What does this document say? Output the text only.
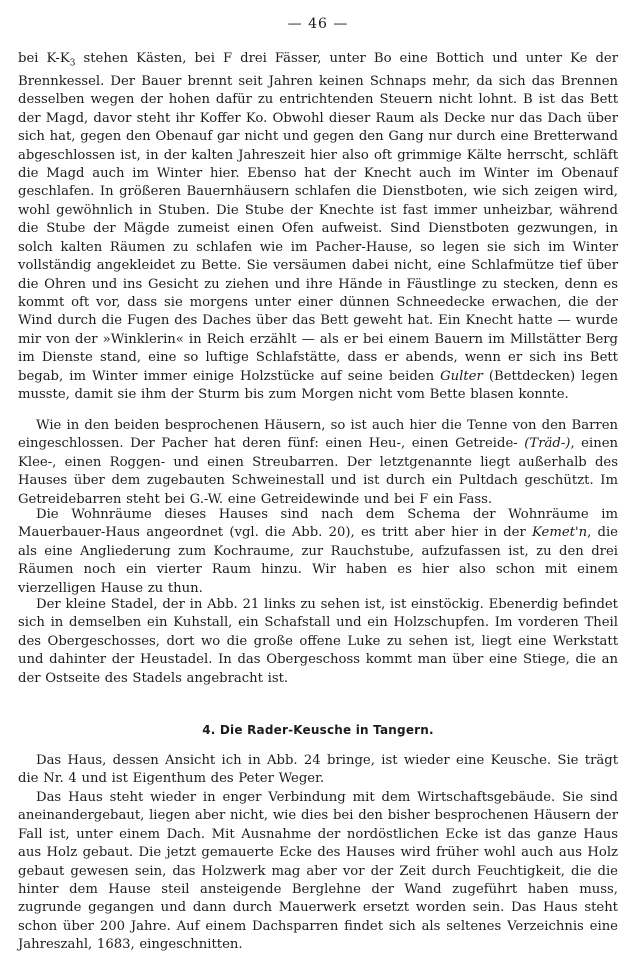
— 46 —

bei $K-K_3$ stehen Kästen, bei F drei Fässer, unter Bo eine Bottich und unter Ke der Brennkessel. Der Bauer brennt seit Jahren keinen Schnaps mehr, da sich das Brennen desselben wegen der hohen dafür zu entrichtenden Steuern nicht lohnt. B ist das Bett der Magd, davor steht ihr Koffer Ko. Obwohl dieser Raum als Decke nur das Dach über sich hat, gegen den Obenauf gar nicht und gegen den Gang nur durch eine Bretterwand abgeschlossen ist, in der kalten Jahreszeit hier also oft grimmige Kälte herrscht, schläft die Magd auch im Winter hier. Ebenso hat der Knecht auch im Winter im Obenauf geschlafen. In größeren Bauernhäusern schlafen die Dienstboten, wie sich zeigen wird, wohl gewöhnlich in Stuben. Die Stube der Knechte ist fast immer unheizbar, während die Stube der Mägde zumeist einen Ofen aufweist. Sind Dienstboten gezwungen, in solch kalten Räumen zu schlafen wie im Pacher-Hause, so legen sie sich im Winter vollständig angekleidet zu Bette. Sie versäumen dabei nicht, eine Schlafmütze tief über die Ohren und ins Gesicht zu ziehen und ihre Hände in Fäustlinge zu stecken, denn es kommt oft vor, dass sie morgens unter einer dünnen Schneedecke erwachen, die der Wind durch die Fugen des Daches über das Bett geweht hat. Ein Knecht hatte — wurde mir von der »Winklerin« in Reich erzählt — als er bei einem Bauern im Millstätter Berg im Dienste stand, eine so luftige Schlafstätte, dass er abends, wenn er sich ins Bett begab, im Winter immer einige Holzstücke auf seine beiden Gulter (Bettdecken) legen musste, damit sie ihm der Sturm bis zum Morgen nicht vom Bette blasen konnte.

Wie in den beiden besprochenen Häusern, so ist auch hier die Tenne von den Barren eingeschlossen. Der Pacher hat deren fünf: einen Heu-, einen Getreide- (Träd-), einen Klee-, einen Roggen- und einen Streubarren. Der letztgenannte liegt außerhalb des Hauses über dem zugebauten Schweinestall und ist durch ein Pultdach geschützt. Im Getreidebarren steht bei G.-W. eine Getreidewinde und bei F ein Fass.

Die Wohnräume dieses Hauses sind nach dem Schema der Wohnräume im Mauerbauer-Haus angeordnet (vgl. die Abb. 20), es tritt aber hier in der Kemet'n, die als eine Angliederung zum Kochraume, zur Rauchstube, aufzufassen ist, zu den drei Räumen noch ein vierter Raum hinzu. Wir haben es hier also schon mit einem vierzelligen Hause zu thun.

Der kleine Stadel, der in Abb. 21 links zu sehen ist, ist einstöckig. Ebenerdig befindet sich in demselben ein Kuhstall, ein Schafstall und ein Holzschupfen. Im vorderen Theil des Obergeschosses, dort wo die große offene Luke zu sehen ist, liegt eine Werkstatt und dahinter der Heustadel. In das Obergeschoss kommt man über eine Stiege, die an der Ostseite des Stadels angebracht ist.

4. Die Rader-Keusche in Tangern.

Das Haus, dessen Ansicht ich in Abb. 24 bringe, ist wieder eine Keusche. Sie trägt die Nr. 4 und ist Eigenthum des Peter Weger.

Das Haus steht wieder in enger Verbindung mit dem Wirtschaftsgebäude. Sie sind aneinandergebaut, liegen aber nicht, wie dies bei den bisher besprochenen Häusern der Fall ist, unter einem Dach. Mit Ausnahme der nordöstlichen Ecke ist das ganze Haus aus Holz gebaut. Die jetzt gemauerte Ecke des Hauses wird früher wohl auch aus Holz gebaut gewesen sein, das Holzwerk mag aber vor der Zeit durch Feuchtigkeit, die die hinter dem Hause steil ansteigende Berglehne der Wand zugeführt haben muss, zugrunde gegangen und dann durch Mauerwerk ersetzt worden sein. Das Haus steht schon über 200 Jahre. Auf einem Dachsparren findet sich als seltenes Verzeichnis eine Jahreszahl, 1683, eingeschnitten.
